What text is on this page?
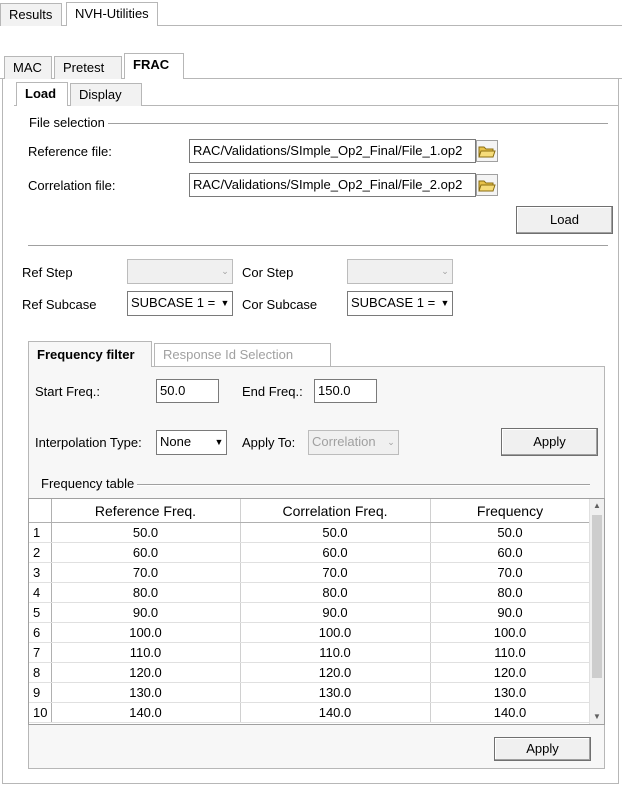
Results	NVH-Utilities
MAC	Pretest	FRAC
Load	Display
File selection
Reference file:	RAC/Validations/SImple_Op2_Final/File_1.op2
Correlation file:	RAC/Validations/SImple_Op2_Final/File_2.op2
Load
Ref Step	⌄ Cor Step	⌄
Ref Subcase	SUBCASE 1 = ▼ Cor Subcase	SUBCASE 1 = ▼
Frequency filter	Response Id Selection
Start Freq.:	50.0	End Freq.:	150.0
Interpolation Type:	None	▼ Apply To:	Correlation	⌄	Apply
Frequency table
	Reference Freq.	Correlation Freq.	Frequency
1	50.0	50.0	50.0
2	60.0	60.0	60.0
3	70.0	70.0	70.0
4	80.0	80.0	80.0
5	90.0	90.0	90.0
6	100.0	100.0	100.0
7	110.0	110.0	110.0
8	120.0	120.0	120.0
9	130.0	130.0	130.0
10	140.0	140.0	140.0
▲
▼
Apply
